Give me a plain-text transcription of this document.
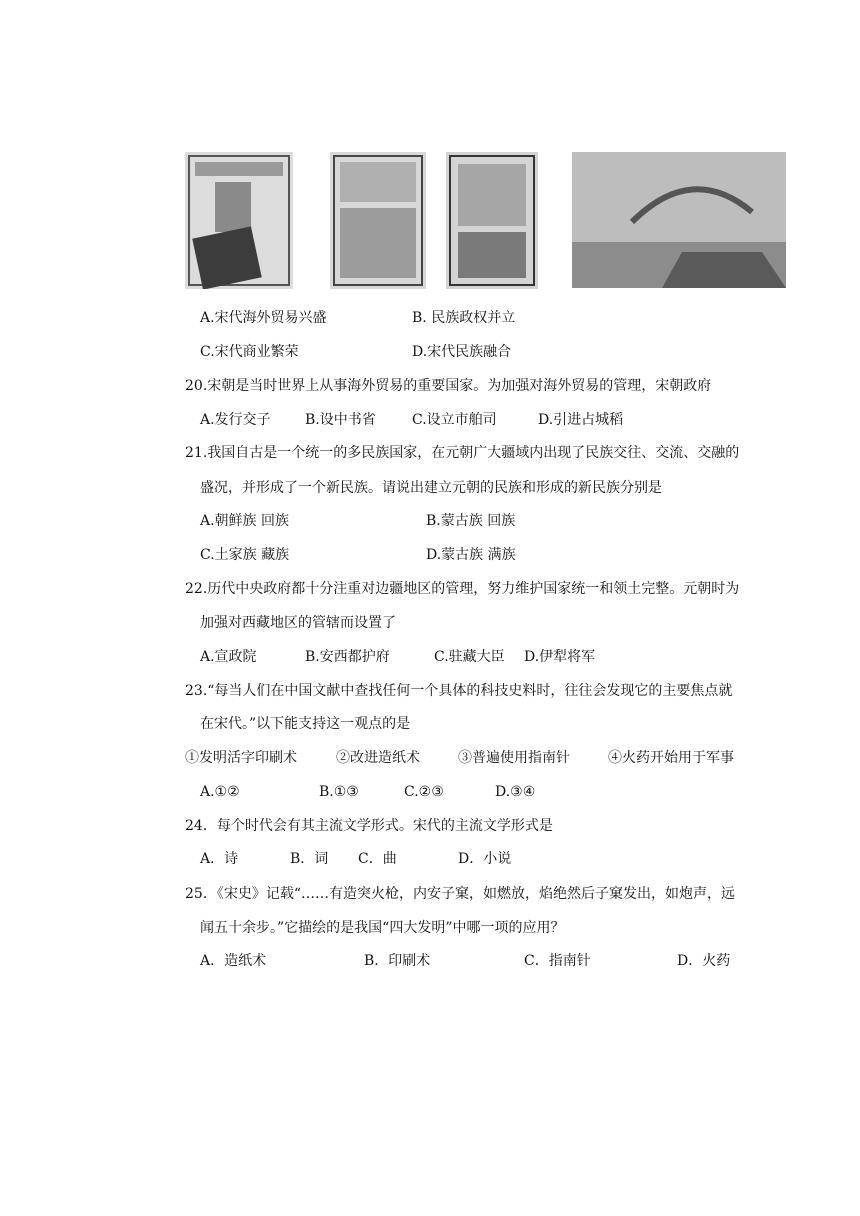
A.宋代海外贸易兴盛	B. 民族政权并立
C.宋代商业繁荣	D.宋代民族融合
20.宋朝是当时世界上从事海外贸易的重要国家。为加强对海外贸易的管理，宋朝政府
A.发行交子 B.设中书省	C.设立市舶司	D.引进占城稻
21.我国自古是一个统一的多民族国家，在元朝广大疆域内出现了民族交往、交流、交融的
盛况，并形成了一个新民族。请说出建立元朝的民族和形成的新民族分别是
A.朝鲜族 回族	B.蒙古族 回族
C.土家族 藏族	D.蒙古族 满族
22.历代中央政府都十分注重对边疆地区的管理，努力维护国家统一和领土完整。元朝时为
加强对西藏地区的管辖而设置了
A.宣政院	B.安西都护府	C.驻藏大臣 D.伊犁将军
23.“每当人们在中国文献中查找任何一个具体的科技史料时，往往会发现它的主要焦点就
在宋代。”以下能支持这一观点的是
①发明活字印刷术	②改进造纸术	③普遍使用指南针	④火药开始用于军事
A.①②	B.①③	C.②③	D.③④
24．每个时代会有其主流文学形式。宋代的主流文学形式是
A．诗	B．词 C．曲	D．小说
25．《宋史》记载“……有造突火枪，内安子窠，如燃放，焰绝然后子窠发出，如炮声，远
闻五十余步。”它描绘的是我国“四大发明”中哪一项的应用？
A．造纸术	B．印刷术	C．指南针	D．火药
